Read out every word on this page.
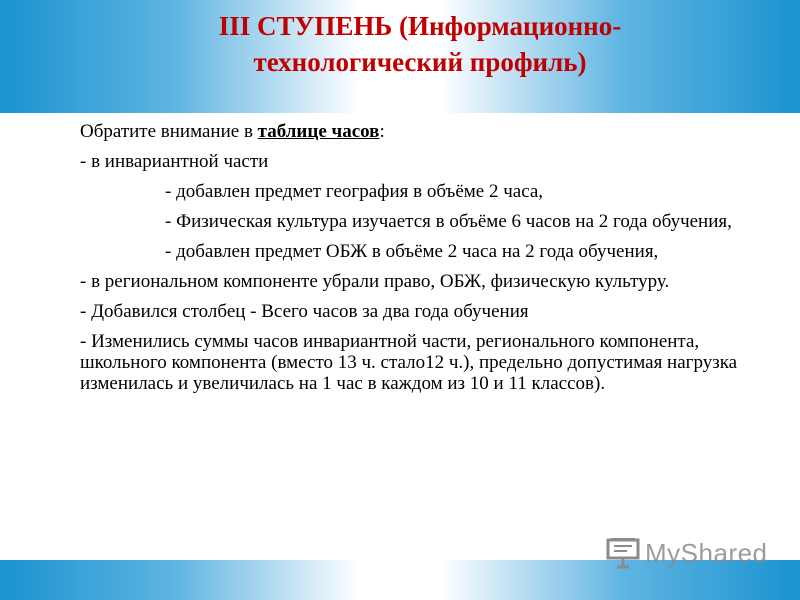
III СТУПЕНЬ (Информационно-
технологический профиль)

Обратите внимание в таблице часов:

- в инвариантной части

- добавлен предмет география в объёме 2 часа,

- Физическая культура изучается в объёме 6 часов на 2 года обучения,

- добавлен предмет ОБЖ в объёме 2 часа на 2 года обучения,

- в региональном компоненте убрали право, ОБЖ, физическую культуру.

- Добавился столбец - Всего часов за два года обучения

- Изменились суммы часов инвариантной части, регионального компонента, школьного компонента (вместо 13 ч. стало12 ч.), предельно допустимая нагрузка изменилась и увеличилась на 1 час в каждом из 10 и 11 классов).

MyShared
